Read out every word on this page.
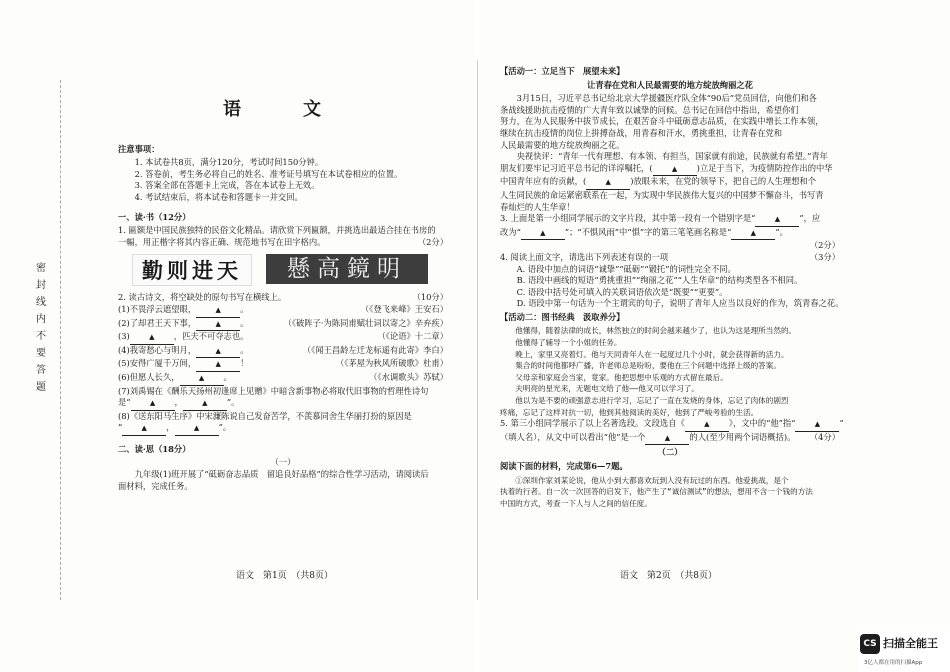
密
封
线
内
不
要
答
题
语　文
注意事项：

1. 本试卷共8页，满分120分，考试时间150分钟。

2. 答卷前，考生务必将自己的姓名、准考证号填写在本试卷相应的位置。

3. 答案全部在答题卡上完成，答在本试卷上无效。

4. 考试结束后，将本试卷和答题卡一并交回。

一、读·书（12分）

1. 匾额是中国民族独特的民俗文化精品。请欣赏下列匾额，并挑选出最适合挂在书房的

一幅，用正楷字将其内容正确、规范地书写在田字格内。	（2分）
勤则进天	懸高鏡明
2. 读古诗文，将空缺处的原句书写在横线上。	（10分）
(1)不畏浮云遮望眼，	▲ 。	（《登飞来峰》王安石）
(2)了却君王天下事，	▲ 。	（《破阵子·为陈同甫赋壮词以寄之》辛弃疾）
(3)	▲ ，匹夫不可夺志也。	（《论语》十二章）
(4)我寄愁心与明月，	▲ 。	（《闻王昌龄左迁龙标遥有此寄》李白）
(5)安得广厦千万间，	▲ ！	（《茅屋为秋风所破歌》杜甫）
(6)但愿人长久，	▲ 。	（《水调歌头》苏轼）

(7)刘禹锡在《酬乐天扬州初逢席上见赠》中暗含新事物必将取代旧事物的哲理性诗句

是“	▲ ，	▲ ”。

(8)《送东阳马生序》中宋濂陈说自己发奋苦学，不羡慕同舍生华丽打扮的原因是

“	▲ ，	▲ ”。

二、读·思（18分）
（一）

九年级(1)班开展了“砥砺奋志品质　留追良好品格”的综合性学习活动，请阅读后

面材料，完成任务。

语文　第1页　（共8页）
【活动一：立足当下　展望未来】
让青春在党和人民最需要的地方绽放绚丽之花

3月15日，习近平总书记给北京大学援疆医疗队全体“90后”党员回信，向他们和各

条战线援助抗击疫情的广大青年致以诚挚的问候。总书记在回信中指出，希望你们

努力，在为人民服务中拔节成长，在艰苦奋斗中砥砺意志品质，在实践中增长工作本领，

继续在抗击疫情的岗位上拼搏奋战，用青春和汗水，勇挑重担，让青春在党和

人民最需要的地方绽放绚丽之花。

央视快评：“青年一代有理想、有本领、有担当，国家就有前途，民族就有希望。”青年

朋友们要牢记习近平总书记的详谆嘱托，(	▲ )立足于当下，为疫情防控作出的中华

中国青年应有的贡献，(	▲ )放眼未来，在党的领导下，把自己的人生理想和个

人生同民族的命运紧密联系在一起，为实现中华民族伟大复兴的中国梦不懈奋斗，书写青

春灿烂的人生华章！

3. 上面是第一小组同学展示的文字片段，其中第一段有一个错别字是“	▲ ”，应

改为“	▲ ”；“不惧风雨”中“惧”字的第三笔笔画名称是“	▲ ”。

（2分）
4. 阅读上面文字，请选出下列表述有误的一项	（3分）

A. 语段中加点的词语“诚挚”“砥砺”“锻托”的词性完全不同。

B. 语段中画线的短语“勇挑重担”“绚丽之花”“人生华章”的结构类型各不相同。

C. 语段中括号处可填入的关联词语依次是“既要”“更要”。

D. 语段中第一句话为一个主谓宾的句子，说明了青年人应当以良好的作为，筑青春之花。

【活动二：图书经典　汲取养分】

他懂得，随着法律的成长，林然独立的时间会越来越少了，也认为这是理所当然的。

他懂得了辅导一个小姐的任务。

晚上，家里又亮着灯。他与天同青年人在一起度过几个小时，就会获得新的活力。

集合的时间他都呼广播，许老师总是吩吩，要他在三个问题中选择上级的答案。

父母亲和家庭会当家，竟家。他把思想中乐观的方式留在最后。

夫明亮的星光来，无题电文给了他——他又可以学习了。

他以为是不要的顽强意志进行学习，忘记了一直在发烧的身体，忘记了肉体的剧烈

疼痛，忘记了这样对抗一切，他到其他阅读的美好，他到了严峻考验的生活。

5. 第三小组同学展示了以上名著选段。文段选自《	▲ 》，文中的“他”指“	▲ ”

（填人名），从文中可以看出“他”是一个	▲ 的人(至少用两个词语概括)。 （4分）
（二）
阅读下面的材料，完成第6—7题。

①深圳作家刘某论说，他从小到大都喜欢玩到人没有玩过的东西。他爱挑战，是个

执着的行者。自一次一次回答的启发下，他产生了“诚信测试”的想法，想用不含一个钱的方法

中国的方式，考查一下人与人之间的信任度。

语文　第2页　（共8页）
CS 扫描全能王
3亿人都在用的扫描App
